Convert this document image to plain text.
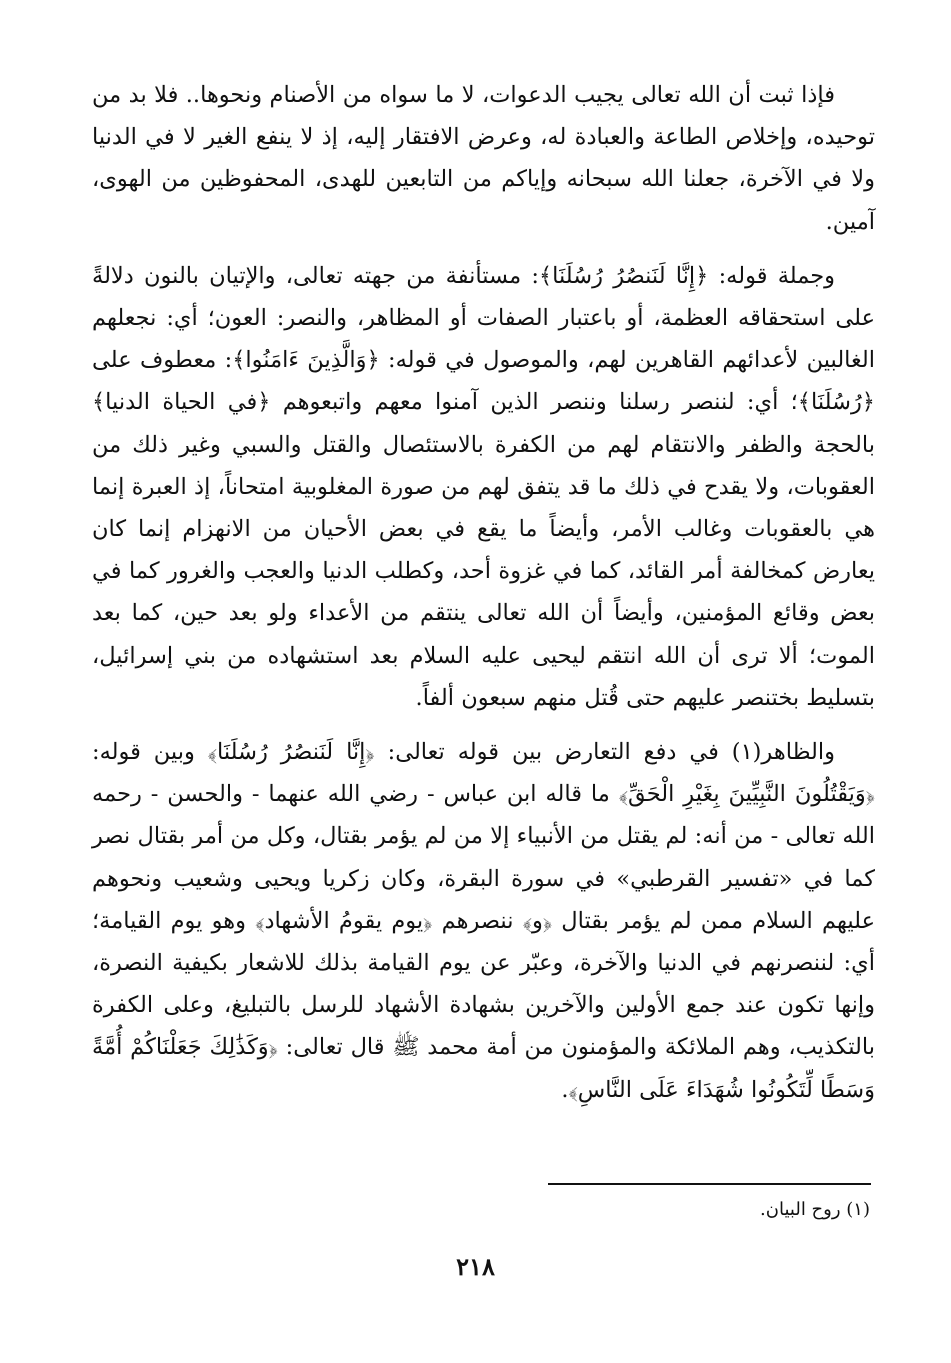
فإذا ثبت أن الله تعالى يجيب الدعوات، لا ما سواه من الأصنام ونحوها.. فلا بد من توحيده، وإخلاص الطاعة والعبادة له، وعرض الافتقار إليه، إذ لا ينفع الغير لا في الدنيا ولا في الآخرة، جعلنا الله سبحانه وإياكم من التابعين للهدى، المحفوظين من الهوى، آمين.

وجملة قوله: ﴿إِنَّا لَنَنصُرُ رُسُلَنَا﴾: مستأنفة من جهته تعالى، والإتيان بالنون دلالةً على استحقاقه العظمة، أو باعتبار الصفات أو المظاهر، والنصر: العون؛ أي: نجعلهم الغالبين لأعدائهم القاهرين لهم، والموصول في قوله: ﴿وَالَّذِينَ ءَامَنُوا﴾: معطوف على ﴿رُسُلَنَا﴾؛ أي: لننصر رسلنا وننصر الذين آمنوا معهم واتبعوهم ﴿في الحياة الدنيا﴾ بالحجة والظفر والانتقام لهم من الكفرة بالاستئصال والقتل والسبي وغير ذلك من العقوبات، ولا يقدح في ذلك ما قد يتفق لهم من صورة المغلوبية امتحاناً، إذ العبرة إنما هي بالعقوبات وغالب الأمر، وأيضاً ما يقع في بعض الأحيان من الانهزام إنما كان يعارض كمخالفة أمر القائد، كما في غزوة أحد، وكطلب الدنيا والعجب والغرور كما في بعض وقائع المؤمنين، وأيضاً أن الله تعالى ينتقم من الأعداء ولو بعد حين، كما بعد الموت؛ ألا ترى أن الله انتقم ليحيى عليه السلام بعد استشهاده من بني إسرائيل، بتسليط بختنصر عليهم حتى قُتل منهم سبعون ألفاً.

والظاهر(١) في دفع التعارض بين قوله تعالى: ﴿إِنَّا لَنَنصُرُ رُسُلَنَا﴾ وبين قوله: ﴿وَيَقْتُلُونَ النَّبِيِّينَ بِغَيْرِ الْحَقِّ﴾ ما قاله ابن عباس - رضي الله عنهما - والحسن - رحمه الله تعالى - من أنه: لم يقتل من الأنبياء إلا من لم يؤمر بقتال، وكل من أمر بقتال نصر كما في «تفسير القرطبي» في سورة البقرة، وكان زكريا ويحيى وشعيب ونحوهم عليهم السلام ممن لم يؤمر بقتال ﴿و﴾ ننصرهم ﴿يوم يقومُ الأشهاد﴾ وهو يوم القيامة؛ أي: لننصرنهم في الدنيا والآخرة، وعبّر عن يوم القيامة بذلك للاشعار بكيفية النصرة، وإنها تكون عند جمع الأولين والآخرين بشهادة الأشهاد للرسل بالتبليغ، وعلى الكفرة بالتكذيب، وهم الملائكة والمؤمنون من أمة محمد ﷺ قال تعالى: ﴿وَكَذَٰلِكَ جَعَلْنَاكُمْ أُمَّةً وَسَطًا لِّتَكُونُوا شُهَدَاءَ عَلَى النَّاسِ﴾.

(١) روح البيان.
٢١٨
